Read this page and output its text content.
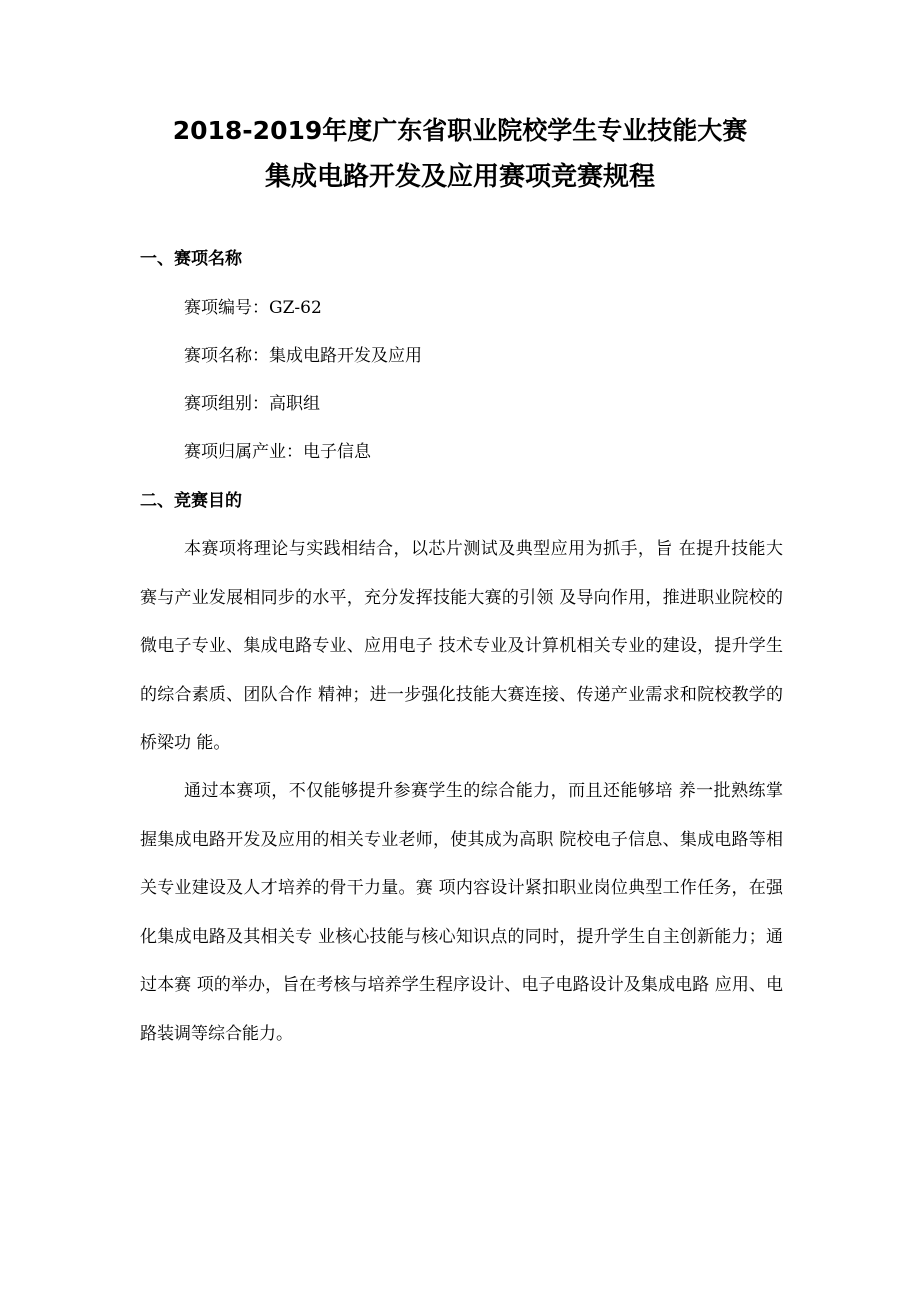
2018-2019年度广东省职业院校学生专业技能大赛
集成电路开发及应用赛项竞赛规程
一、赛项名称
赛项编号：GZ-62
赛项名称：集成电路开发及应用
赛项组别：高职组
赛项归属产业：电子信息
二、竞赛目的

本赛项将理论与实践相结合，以芯片测试及典型应用为抓手，旨 在提升技能大赛与产业发展相同步的水平，充分发挥技能大赛的引领 及导向作用，推进职业院校的微电子专业、集成电路专业、应用电子 技术专业及计算机相关专业的建设，提升学生的综合素质、团队合作 精神；进一步强化技能大赛连接、传递产业需求和院校教学的桥梁功 能。

通过本赛项，不仅能够提升参赛学生的综合能力，而且还能够培 养一批熟练掌握集成电路开发及应用的相关专业老师，使其成为高职 院校电子信息、集成电路等相关专业建设及人才培养的骨干力量。赛 项内容设计紧扣职业岗位典型工作任务，在强化集成电路及其相关专 业核心技能与核心知识点的同时，提升学生自主创新能力；通过本赛 项的举办，旨在考核与培养学生程序设计、电子电路设计及集成电路 应用、电路装调等综合能力。
